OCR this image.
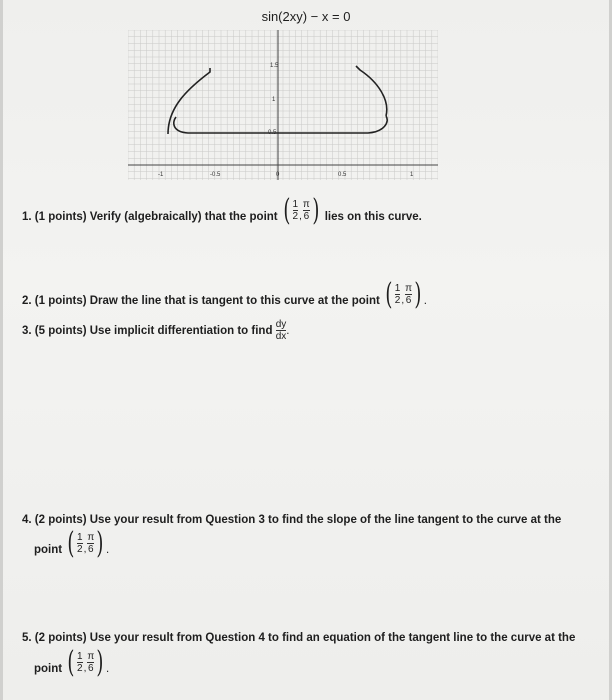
sin(2xy) − x = 0
1.5
1
0.5
-1	-0.5	0	0.5	1
1. (1 points) Verify (algebraically) that the point ( $\frac{1}{2}$ , $\frac{\pi}{6}$ ) lies on this curve.
2. (1 points) Draw the line that is tangent to this curve at the point ( $\frac{1}{2}$ , $\frac{\pi}{6}$ ) .
3. (5 points) Use implicit differentiation to find $\frac{dy}{dx}$ .
4. (2 points) Use your result from Question 3 to find the slope of the line tangent to the curve at the
point ( $\frac{1}{2}$ , $\frac{\pi}{6}$ ) .
5. (2 points) Use your result from Question 4 to find an equation of the tangent line to the curve at the
point ( $\frac{1}{2}$ , $\frac{\pi}{6}$ ) .
